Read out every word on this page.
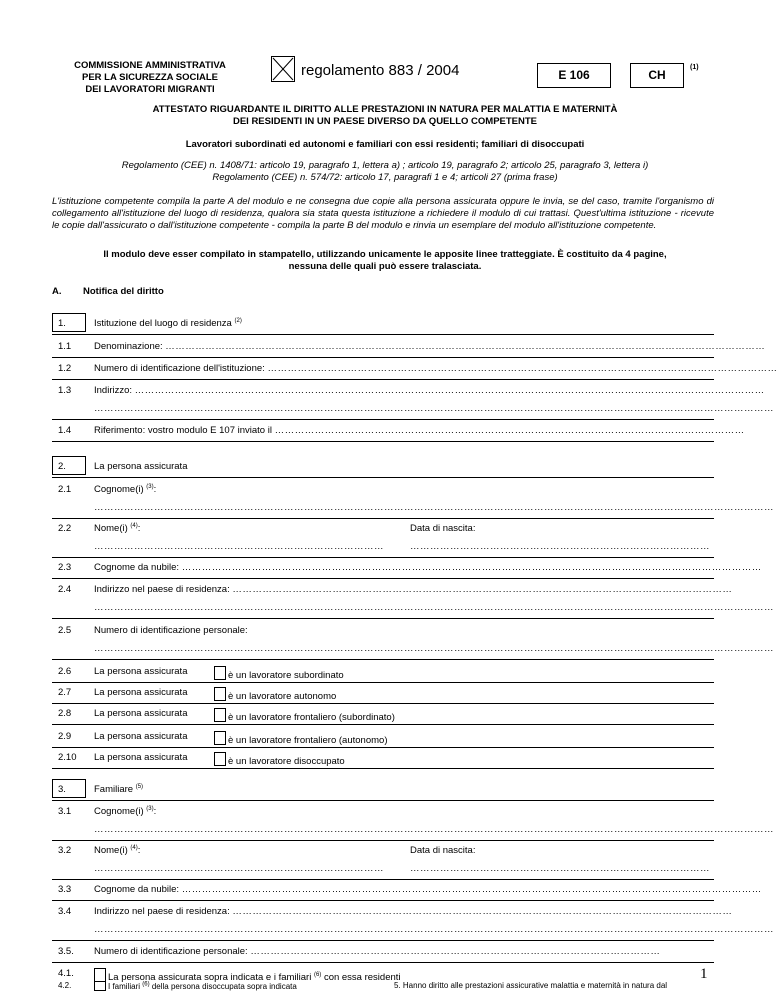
COMMISSIONE AMMINISTRATIVA
PER LA SICUREZZA SOCIALE
DEI LAVORATORI MIGRANTI
regolamento 883 / 2004	E 106	CH
(1)
ATTESTATO RIGUARDANTE IL DIRITTO ALLE PRESTAZIONI IN NATURA PER MALATTIA E MATERNITÀ
DEI RESIDENTI IN UN PAESE DIVERSO DA QUELLO COMPETENTE
Lavoratori subordinati ed autonomi e familiari con essi residenti; familiari di disoccupati
Regolamento (CEE) n. 1408/71: articolo 19, paragrafo 1, lettera a) ; articolo 19, paragrafo 2; articolo 25, paragrafo 3, lettera i)
Regolamento (CEE) n. 574/72: articolo 17, paragrafi 1 e 4; articoli 27 (prima frase)
L'istituzione competente compila la parte A del modulo e ne consegna due copie alla persona assicurata oppure le invia, se del caso, tramite l'organismo di collegamento all'istituzione del luogo di residenza, qualora sia stata questa istituzione a richiedere il modulo di cui trattasi. Quest'ultima istituzione - ricevute le copie dall'assicurato o dall'istituzione competente - compila la parte B del modulo e rinvia un esemplare del modulo all'istituzione competente.
Il modulo deve esser compilato in stampatello, utilizzando unicamente le apposite linee tratteggiate. È costituito da 4 pagine,
nessuna delle quali può essere tralasciata.
A. Notifica del diritto
1.	Istituzione del luogo di residenza $^{(2)}$
1.1 Denominazione: ………………………………………………………………………………………………………………………………………………………………
1.2 Numero di identificazione dell'istituzione: ………………………………………………………………………………………………………………………………………
1.3 Indirizzo: ………………………………………………………………………………………………………………………………………………………………………
……………………………………………………………………………………………………………………………………………………………………………………
1.4 Riferimento: vostro modulo E 107 inviato il ……………………………………………………………………………………………………………………………
2.	La persona assicurata
2.1 Cognome(i) $^{(3)}$:
……………………………………………………………………………………………………………………………………………………………………………………
2.2 Nome(i) $^{(4)}$:	Data di nascita:
……………………………………………………………………………	………………………………………………………………………………
2.3 Cognome da nubile: …………………………………………………………………………………………………………………………………………………………
2.4 Indirizzo nel paese di residenza: ……………………………………………………………………………………………………………………………………
……………………………………………………………………………………………………………………………………………………………………………………
2.5 Numero di identificazione personale:
……………………………………………………………………………………………………………………………………………………………………………………
2.6 La persona assicurata	è un lavoratore subordinato
2.7 La persona assicurata	è un lavoratore autonomo
2.8 La persona assicurata	è un lavoratore frontaliero (subordinato)
2.9 La persona assicurata	è un lavoratore frontaliero (autonomo)
2.10 La persona assicurata	è un lavoratore disoccupato
3.	Familiare $^{(5)}$
3.1 Cognome(i) $^{(3)}$:
……………………………………………………………………………………………………………………………………………………………………………………
3.2 Nome(i) $^{(4)}$:	Data di nascita:
……………………………………………………………………………	………………………………………………………………………………
3.3 Cognome da nubile: …………………………………………………………………………………………………………………………………………………………
3.4 Indirizzo nel paese di residenza: ……………………………………………………………………………………………………………………………………
……………………………………………………………………………………………………………………………………………………………………………………
3.5. Numero di identificazione personale: ……………………………………………………………………………………………………………
4.1.	La persona assicurata sopra indicata e i familiari $^{(6)}$ con essa residenti
4.2.	I familiari $^{(6)}$ della persona disoccupata sopra indicata	5. Hanno diritto alle prestazioni assicurative malattia e maternità in natura dal
1
